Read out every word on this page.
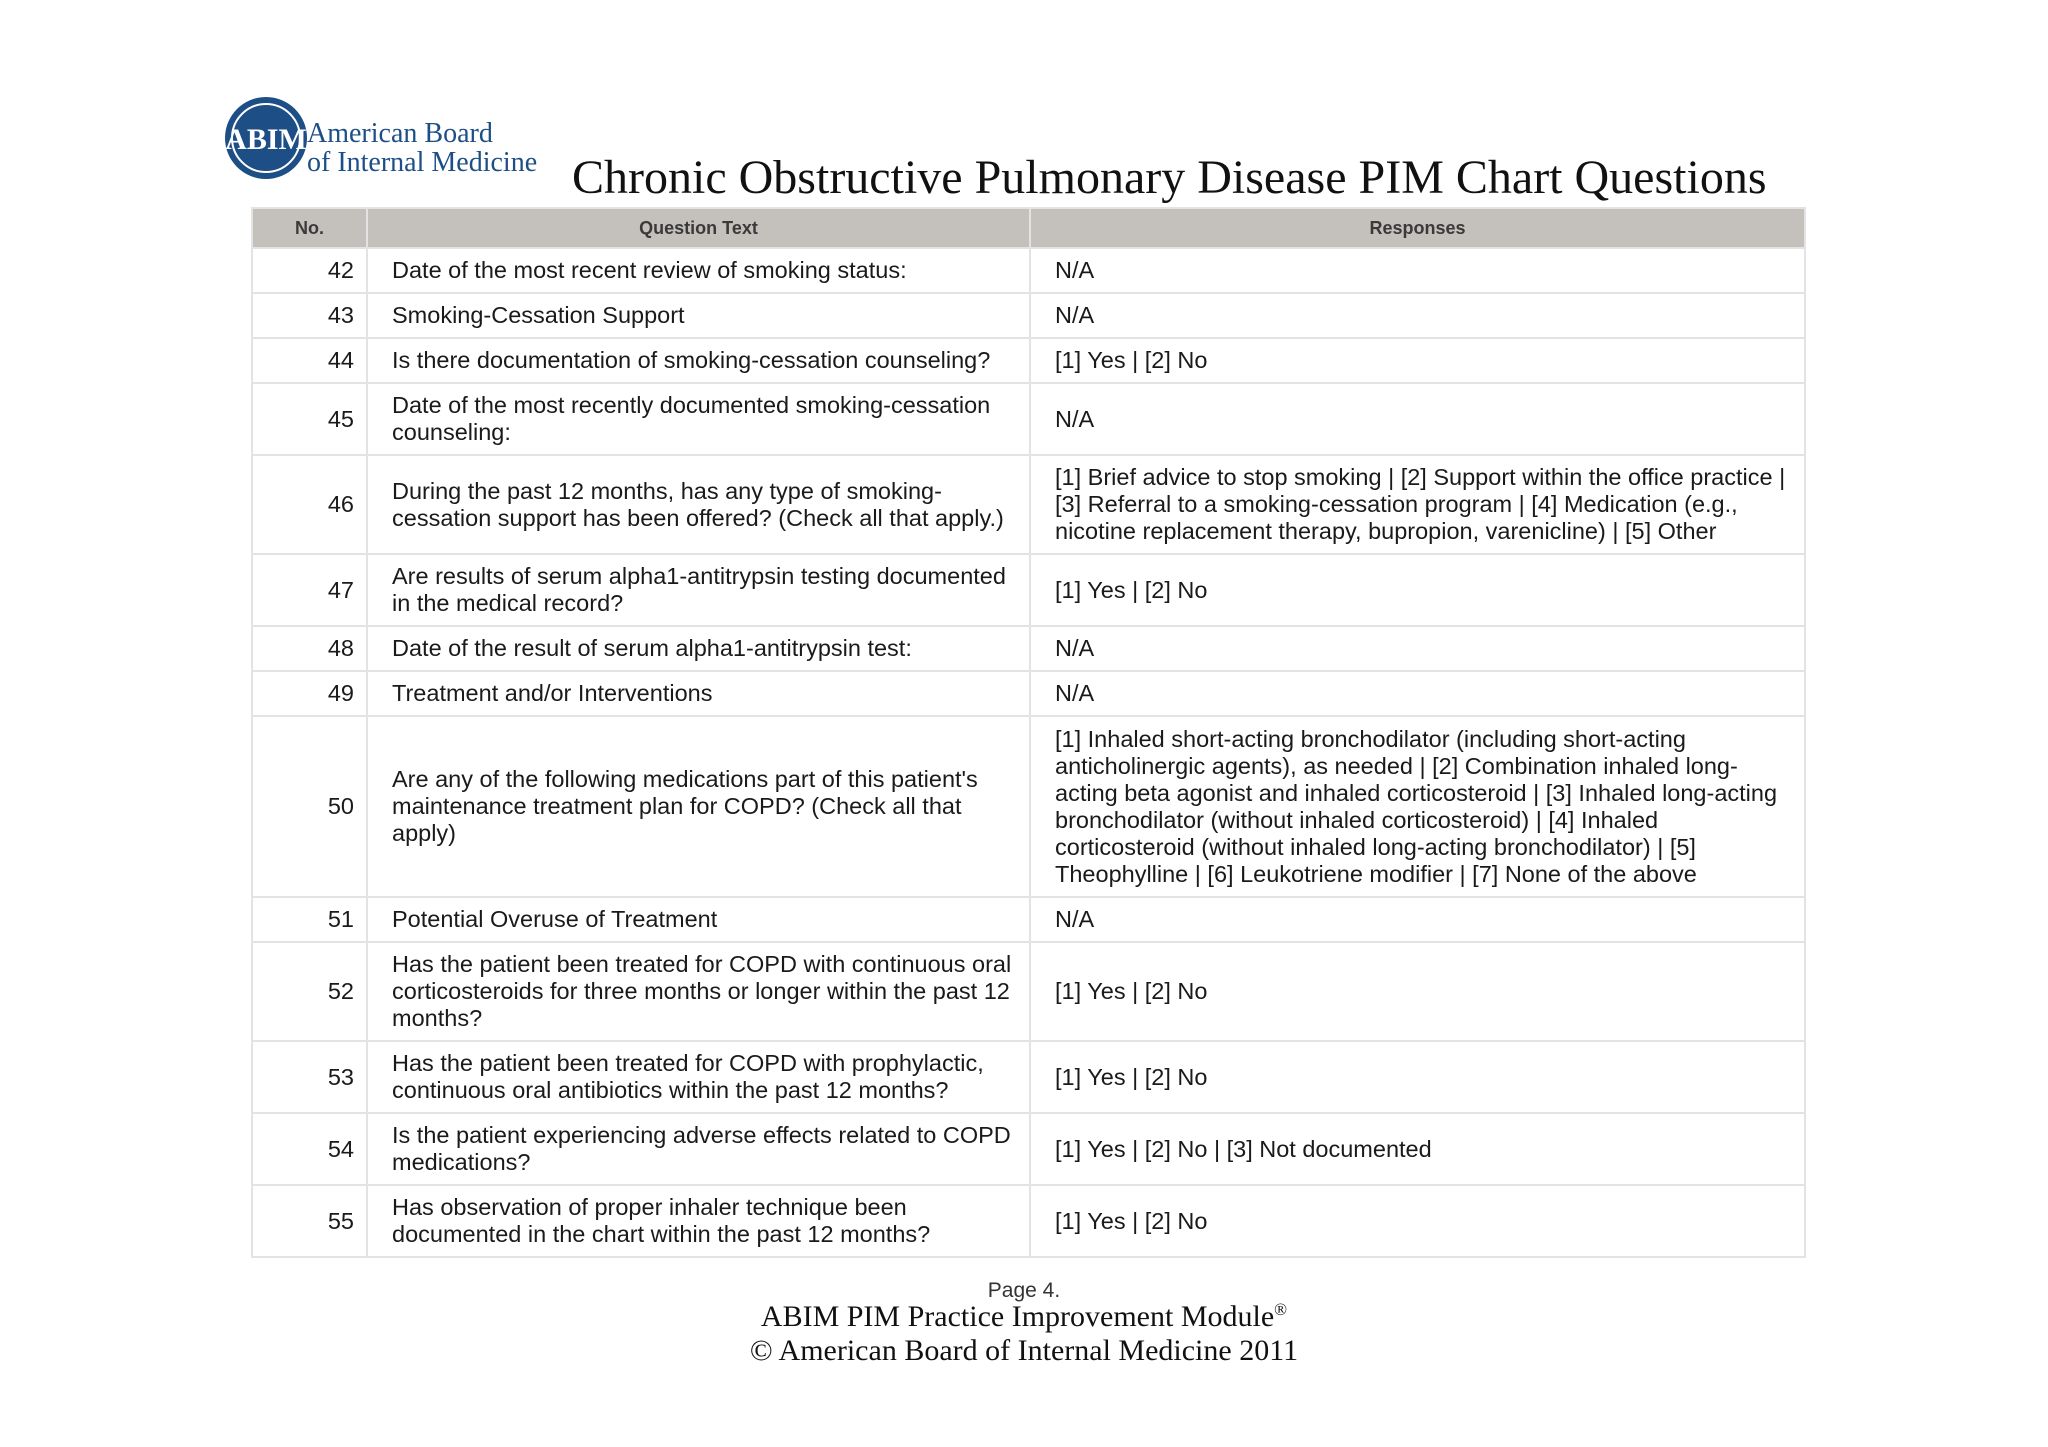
ABIM American Board
of Internal Medicine Chronic Obstructive Pulmonary Disease PIM Chart Questions
No.	Question Text	Responses
42	Date of the most recent review of smoking status:	N/A
43	Smoking-Cessation Support	N/A
44	Is there documentation of smoking-cessation counseling?	[1] Yes | [2] No
45	Date of the most recently documented smoking-cessation counseling:	N/A
46	During the past 12 months, has any type of smoking-cessation support has been offered? (Check all that apply.)	[1] Brief advice to stop smoking | [2] Support within the office practice | [3] Referral to a smoking-cessation program | [4] Medication (e.g., nicotine replacement therapy, bupropion, varenicline) | [5] Other
47	Are results of serum alpha1-antitrypsin testing documented in the medical record?	[1] Yes | [2] No
48	Date of the result of serum alpha1-antitrypsin test:	N/A
49	Treatment and/or Interventions	N/A
50	Are any of the following medications part of this patient's maintenance treatment plan for COPD? (Check all that apply)	[1] Inhaled short-acting bronchodilator (including short-acting anticholinergic agents), as needed | [2] Combination inhaled long-acting beta agonist and inhaled corticosteroid | [3] Inhaled long-acting bronchodilator (without inhaled corticosteroid) | [4] Inhaled corticosteroid (without inhaled long-acting bronchodilator) | [5] Theophylline | [6] Leukotriene modifier | [7] None of the above
51	Potential Overuse of Treatment	N/A
52	Has the patient been treated for COPD with continuous oral corticosteroids for three months or longer within the past 12 months?	[1] Yes | [2] No
53	Has the patient been treated for COPD with prophylactic, continuous oral antibiotics within the past 12 months?	[1] Yes | [2] No
54	Is the patient experiencing adverse effects related to COPD medications?	[1] Yes | [2] No | [3] Not documented
55	Has observation of proper inhaler technique been documented in the chart within the past 12 months?	[1] Yes | [2] No
Page 4.
ABIM PIM Practice Improvement Module®
© American Board of Internal Medicine 2011
